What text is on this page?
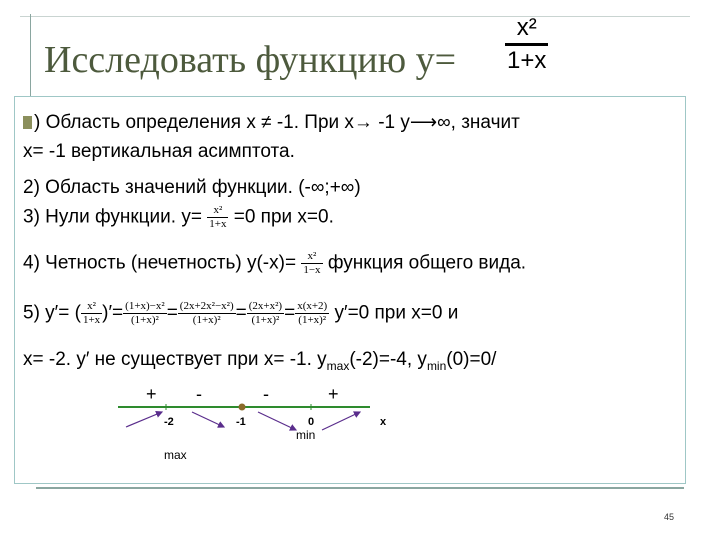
Исследовать функцию y=
x²
1+x
) Область определения x ≠ -1. При x→ -1 y⟶∞, значит
x= -1 вертикальная асимптота.
2) Область значений функции. (-∞;+∞)
3) Нули функции. $y= \frac{\text{x²}}{1+x} =0$ при x=0.
4) Четность (нечетность) $y(-x)= \frac{\text{x²}}{1-x}$ функция общего вида.
5) y′= ( $\frac{\text{x²}}{1+x}$ )′= $\frac{\text{(1+x)−x²}}{\text{(1+x)²}} = \frac{\text{(2x+2x²−x²)}}{\text{(1+x)²}} = \frac{\text{(2x+x²)}}{\text{(1+x)²}} = \frac{x(x+2)}{\text{(1+x)²}} y'=0$ при x=0 и
x= -2. y′ не существует при x= -1. $y_{max}(-2)=-4$, $y_{min}(0)=0/$
+ -	-	+
-2	-1	0	x
min
max
45
